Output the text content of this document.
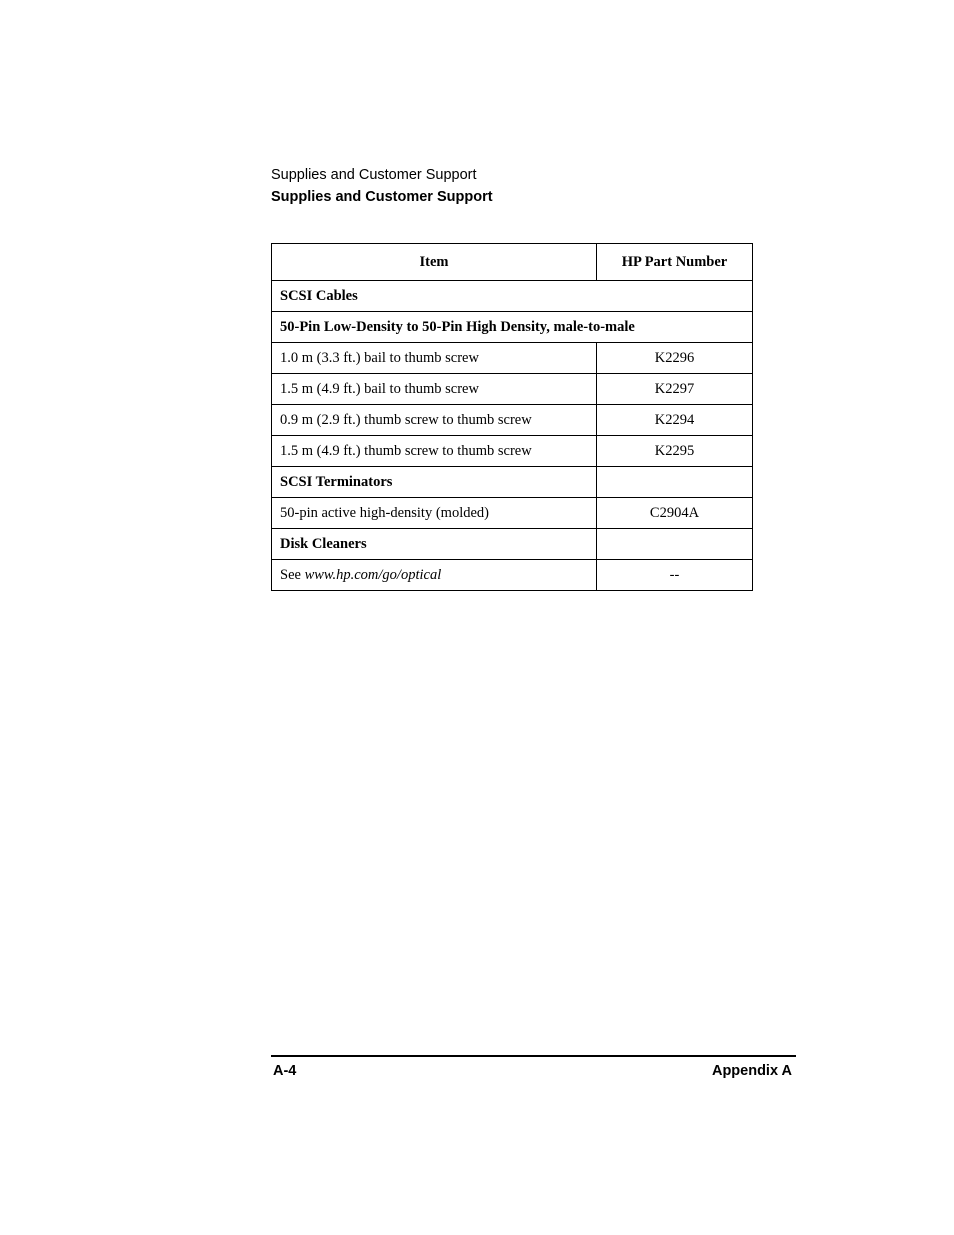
Supplies and Customer Support
Supplies and Customer Support
Item	HP Part Number
SCSI Cables	
50-Pin Low-Density to 50-Pin High Density, male-to-male	
1.0 m (3.3 ft.) bail to thumb screw	K2296
1.5 m (4.9 ft.) bail to thumb screw	K2297
0.9 m (2.9 ft.) thumb screw to thumb screw	K2294
1.5 m (4.9 ft.) thumb screw to thumb screw	K2295
SCSI Terminators	
50-pin active high-density (molded)	C2904A
Disk Cleaners	
See www.hp.com/go/optical	--
A-4	Appendix A
